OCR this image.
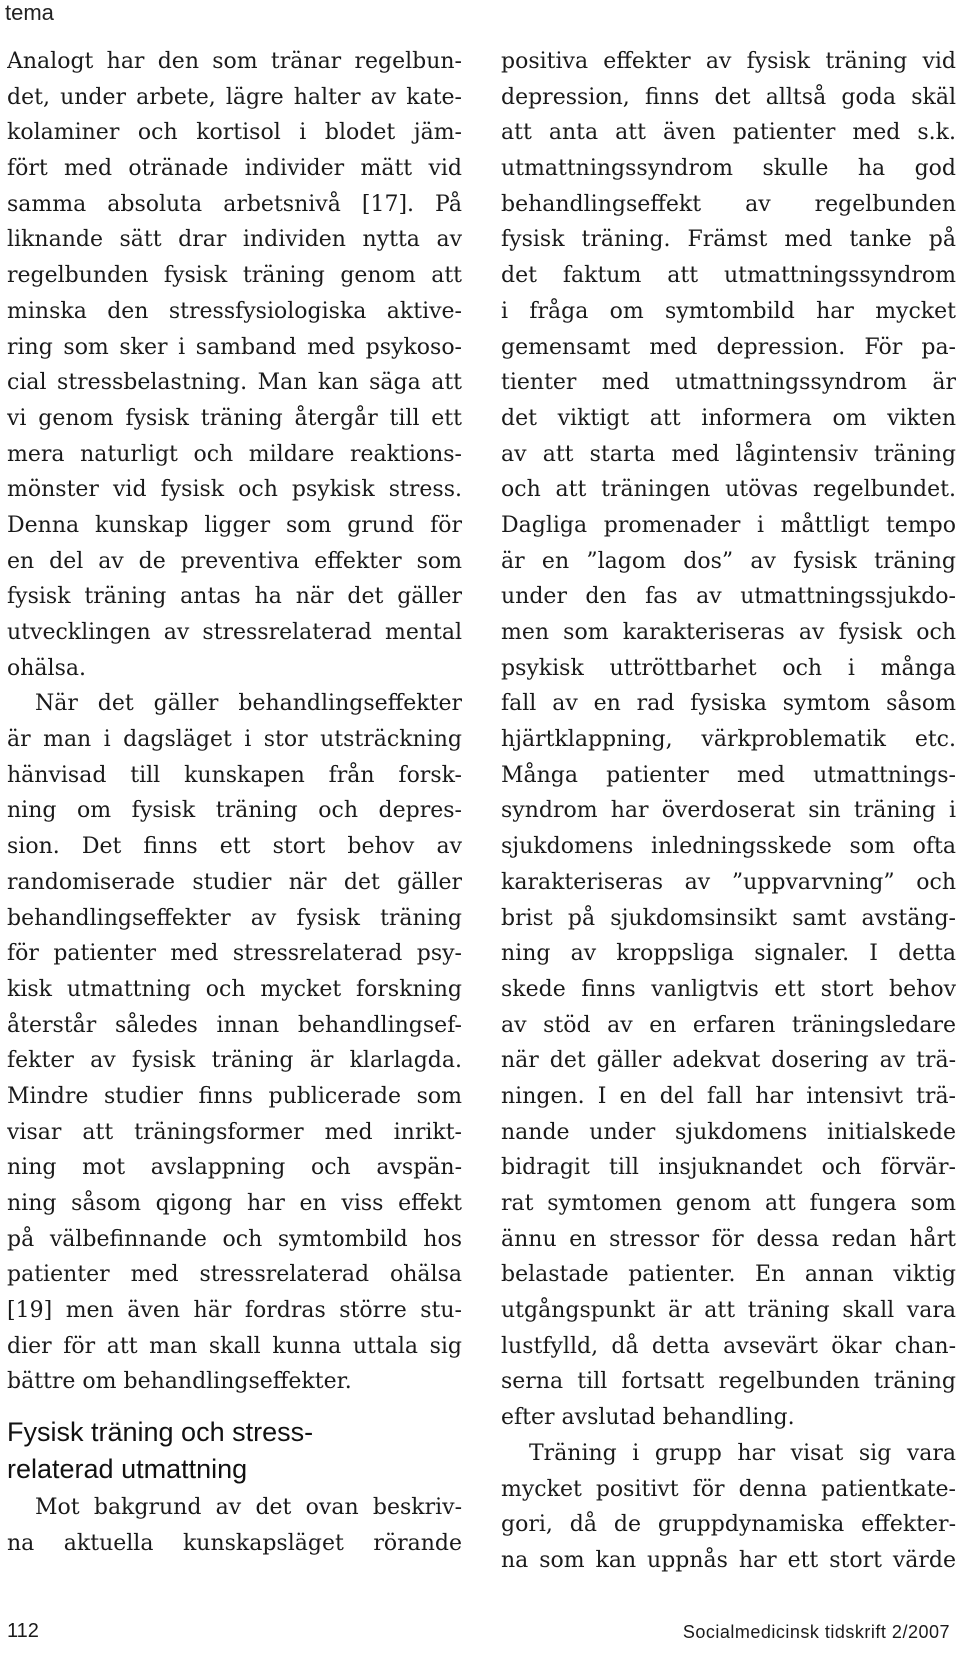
tema
Analogt har den som tränar regelbun-
det, under arbete, lägre halter av kate-
kolaminer och kortisol i blodet jäm-
fört med otränade individer mätt vid
samma absoluta arbetsnivå [17]. På
liknande sätt drar individen nytta av
regelbunden fysisk träning genom att
minska den stressfysiologiska aktive-
ring som sker i samband med psykoso-
cial stressbelastning. Man kan säga att
vi genom fysisk träning återgår till ett
mera naturligt och mildare reaktions-
mönster vid fysisk och psykisk stress.
Denna kunskap ligger som grund för
en del av de preventiva effekter som
fysisk träning antas ha när det gäller
utvecklingen av stressrelaterad mental
ohälsa.
När det gäller behandlingseffekter
är man i dagsläget i stor utsträckning
hänvisad till kunskapen från forsk-
ning om fysisk träning och depres-
sion. Det finns ett stort behov av
randomiserade studier när det gäller
behandlingseffekter av fysisk träning
för patienter med stressrelaterad psy-
kisk utmattning och mycket forskning
återstår således innan behandlingsef-
fekter av fysisk träning är klarlagda.
Mindre studier finns publicerade som
visar att träningsformer med inrikt-
ning mot avslappning och avspän-
ning såsom qigong har en viss effekt
på välbefinnande och symtombild hos
patienter med stressrelaterad ohälsa
[19] men även här fordras större stu-
dier för att man skall kunna uttala sig
bättre om behandlingseffekter.
Fysisk träning och stress-
relaterad utmattning
Mot bakgrund av det ovan beskriv-
na aktuella kunskapsläget rörande
positiva effekter av fysisk träning vid
depression, finns det alltså goda skäl
att anta att även patienter med s.k.
utmattningssyndrom skulle ha god
behandlingseffekt av regelbunden
fysisk träning. Främst med tanke på
det faktum att utmattningssyndrom
i fråga om symtombild har mycket
gemensamt med depression. För pa-
tienter med utmattningssyndrom är
det viktigt att informera om vikten
av att starta med lågintensiv träning
och att träningen utövas regelbundet.
Dagliga promenader i måttligt tempo
är en ”lagom dos” av fysisk träning
under den fas av utmattningssjukdo-
men som karakteriseras av fysisk och
psykisk uttröttbarhet och i många
fall av en rad fysiska symtom såsom
hjärtklappning, värkproblematik etc.
Många patienter med utmattnings-
syndrom har överdoserat sin träning i
sjukdomens inledningsskede som ofta
karakteriseras av ”uppvarvning” och
brist på sjukdomsinsikt samt avstäng-
ning av kroppsliga signaler. I detta
skede finns vanligtvis ett stort behov
av stöd av en erfaren träningsledare
när det gäller adekvat dosering av trä-
ningen. I en del fall har intensivt trä-
nande under sjukdomens initialskede
bidragit till insjuknandet och förvär-
rat symtomen genom att fungera som
ännu en stressor för dessa redan hårt
belastade patienter. En annan viktig
utgångspunkt är att träning skall vara
lustfylld, då detta avsevärt ökar chan-
serna till fortsatt regelbunden träning
efter avslutad behandling.
Träning i grupp har visat sig vara
mycket positivt för denna patientkate-
gori, då de gruppdynamiska effekter-
na som kan uppnås har ett stort värde
112	Socialmedicinsk tidskrift 2/2007
